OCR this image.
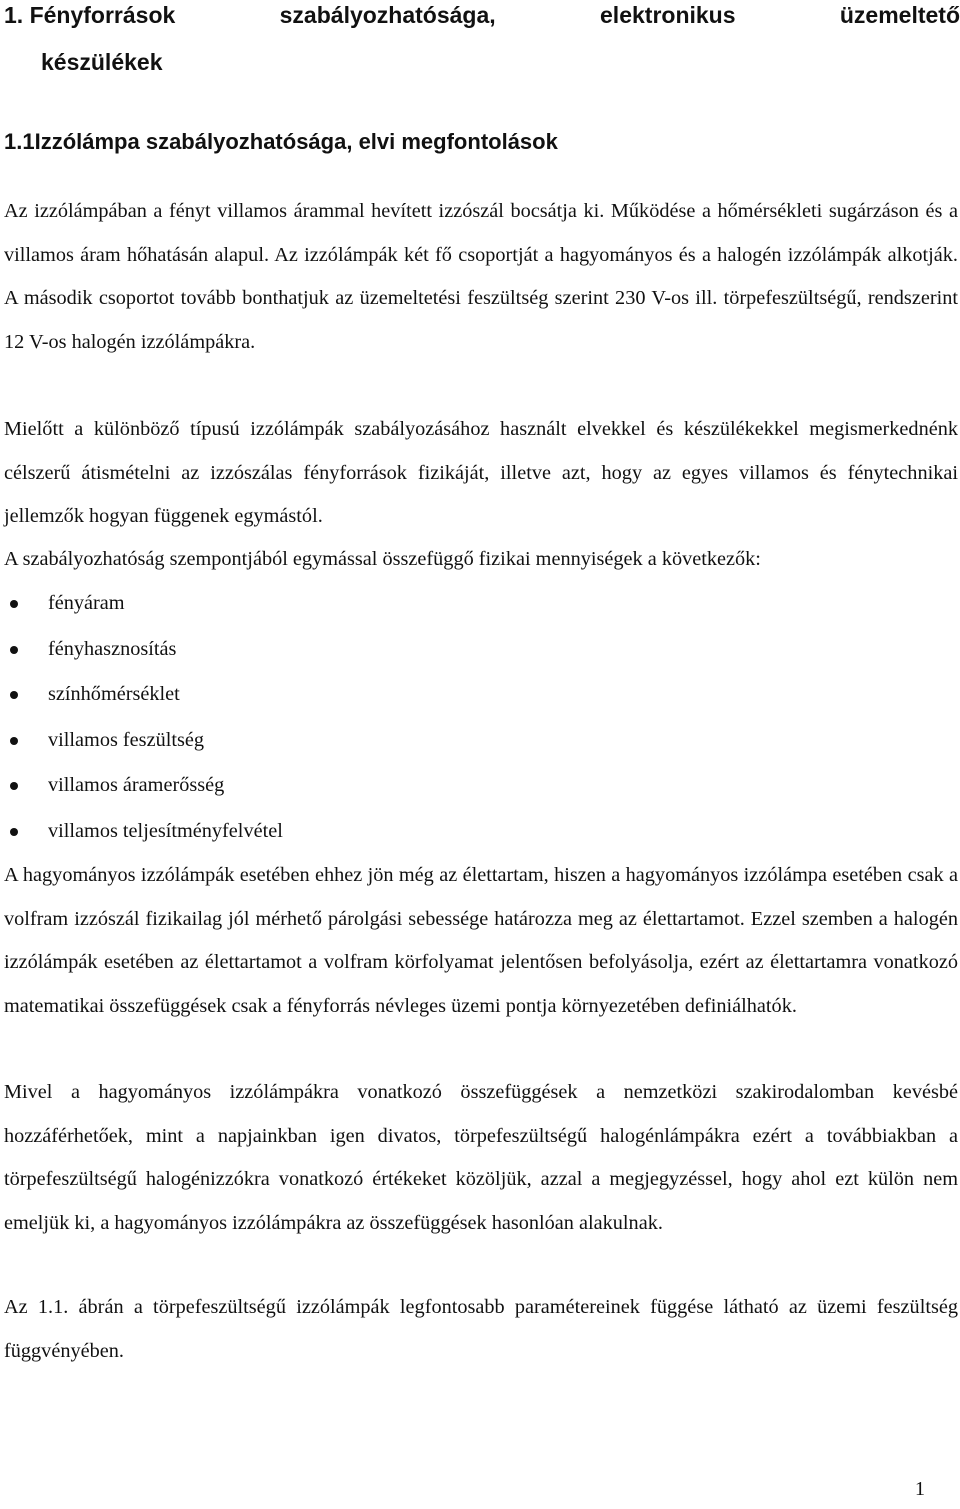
1. Fényforrások	szabályozhatósága,	elektronikus	üzemeltető
készülékek
1.1Izzólámpa szabályozhatósága, elvi megfontolások

Az izzólámpában a fényt villamos árammal hevített izzószál bocsátja ki. Működése a hőmérsékleti sugárzáson és a villamos áram hőhatásán alapul. Az izzólámpák két fő csoportját a hagyományos és a halogén izzólámpák alkotják. A második csoportot tovább bonthatjuk az üzemeltetési feszültség szerint 230 V-os ill. törpefeszültségű, rendszerint 12 V-os halogén izzólámpákra.

Mielőtt a különböző típusú izzólámpák szabályozásához használt elvekkel és készülékekkel megismerkednénk célszerű átismételni az izzószálas fényforrások fizikáját, illetve azt, hogy az egyes villamos és fénytechnikai jellemzők hogyan függenek egymástól.

A szabályozhatóság szempontjából egymással összefüggő fizikai mennyiségek a következők:

fényáram
fényhasznosítás
színhőmérséklet
villamos feszültség
villamos áramerősség
villamos teljesítményfelvétel

A hagyományos izzólámpák esetében ehhez jön még az élettartam, hiszen a hagyományos izzólámpa esetében csak a volfram izzószál fizikailag jól mérhető párolgási sebessége határozza meg az élettartamot. Ezzel szemben a halogén izzólámpák esetében az élettartamot a volfram körfolyamat jelentősen befolyásolja, ezért az élettartamra vonatkozó matematikai összefüggések csak a fényforrás névleges üzemi pontja környezetében definiálhatók.

Mivel a hagyományos izzólámpákra vonatkozó összefüggések a nemzetközi szakirodalomban kevésbé hozzáférhetőek, mint a napjainkban igen divatos, törpefeszültségű halogénlámpákra ezért a továbbiakban a törpefeszültségű halogénizzókra vonatkozó értékeket közöljük, azzal a megjegyzéssel, hogy ahol ezt külön nem emeljük ki, a hagyományos izzólámpákra az összefüggések hasonlóan alakulnak.

Az 1.1. ábrán a törpefeszültségű izzólámpák legfontosabb paramétereinek függése látható az üzemi feszültség függvényében.

1
